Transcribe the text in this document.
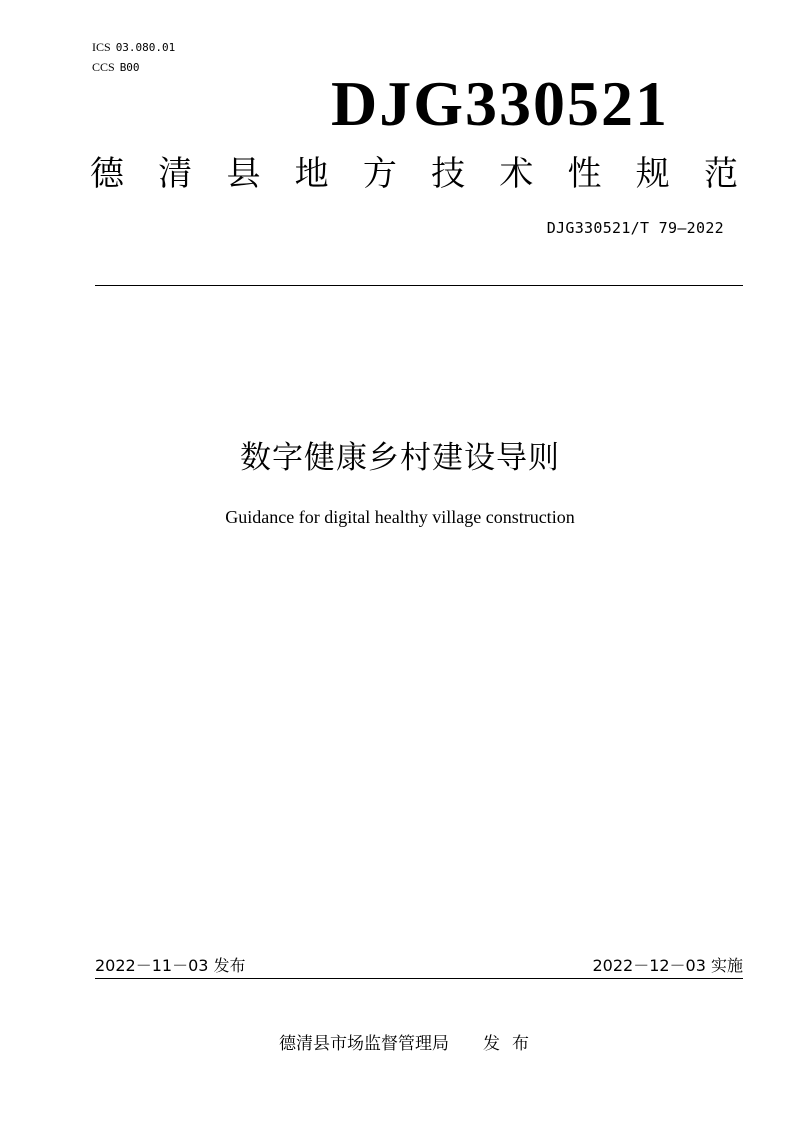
ICS 03.080.01
CCS B00
DJG330521
德 清 县 地 方 技 术 性 规 范
DJG330521/T 79—2022
数字健康乡村建设导则
Guidance for digital healthy village construction
2022－11－03 发布	2022－12－03 实施
德清县市场监督管理局 发布
